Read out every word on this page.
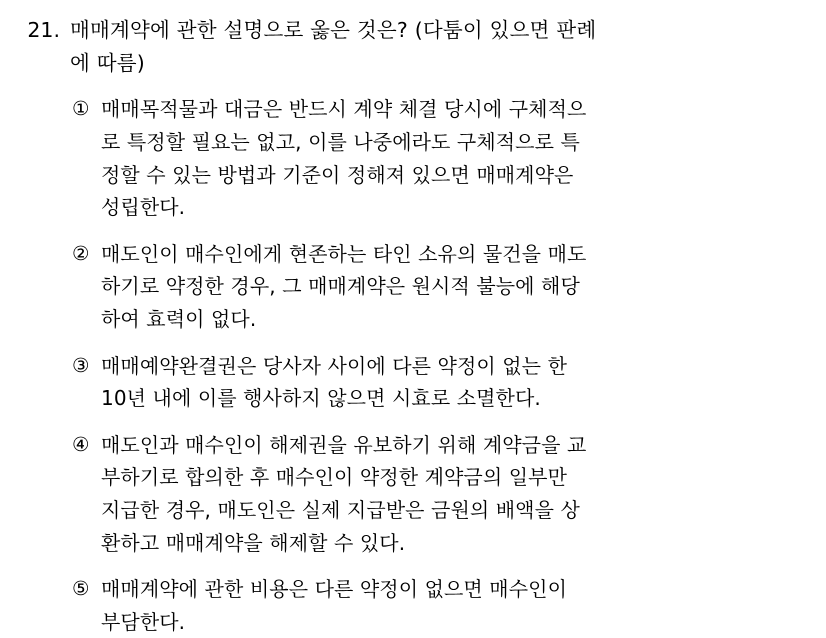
21. 매매계약에 관한 설명으로 옳은 것은? (다툼이 있으면 판례
에 따름)
① 매매목적물과 대금은 반드시 계약 체결 당시에 구체적으
로 특정할 필요는 없고, 이를 나중에라도 구체적으로 특
정할 수 있는 방법과 기준이 정해져 있으면 매매계약은
성립한다.
② 매도인이 매수인에게 현존하는 타인 소유의 물건을 매도
하기로 약정한 경우, 그 매매계약은 원시적 불능에 해당
하여 효력이 없다.
③ 매매예약완결권은 당사자 사이에 다른 약정이 없는 한
10년 내에 이를 행사하지 않으면 시효로 소멸한다.
④ 매도인과 매수인이 해제권을 유보하기 위해 계약금을 교
부하기로 합의한 후 매수인이 약정한 계약금의 일부만
지급한 경우, 매도인은 실제 지급받은 금원의 배액을 상
환하고 매매계약을 해제할 수 있다.
⑤ 매매계약에 관한 비용은 다른 약정이 없으면 매수인이
부담한다.
